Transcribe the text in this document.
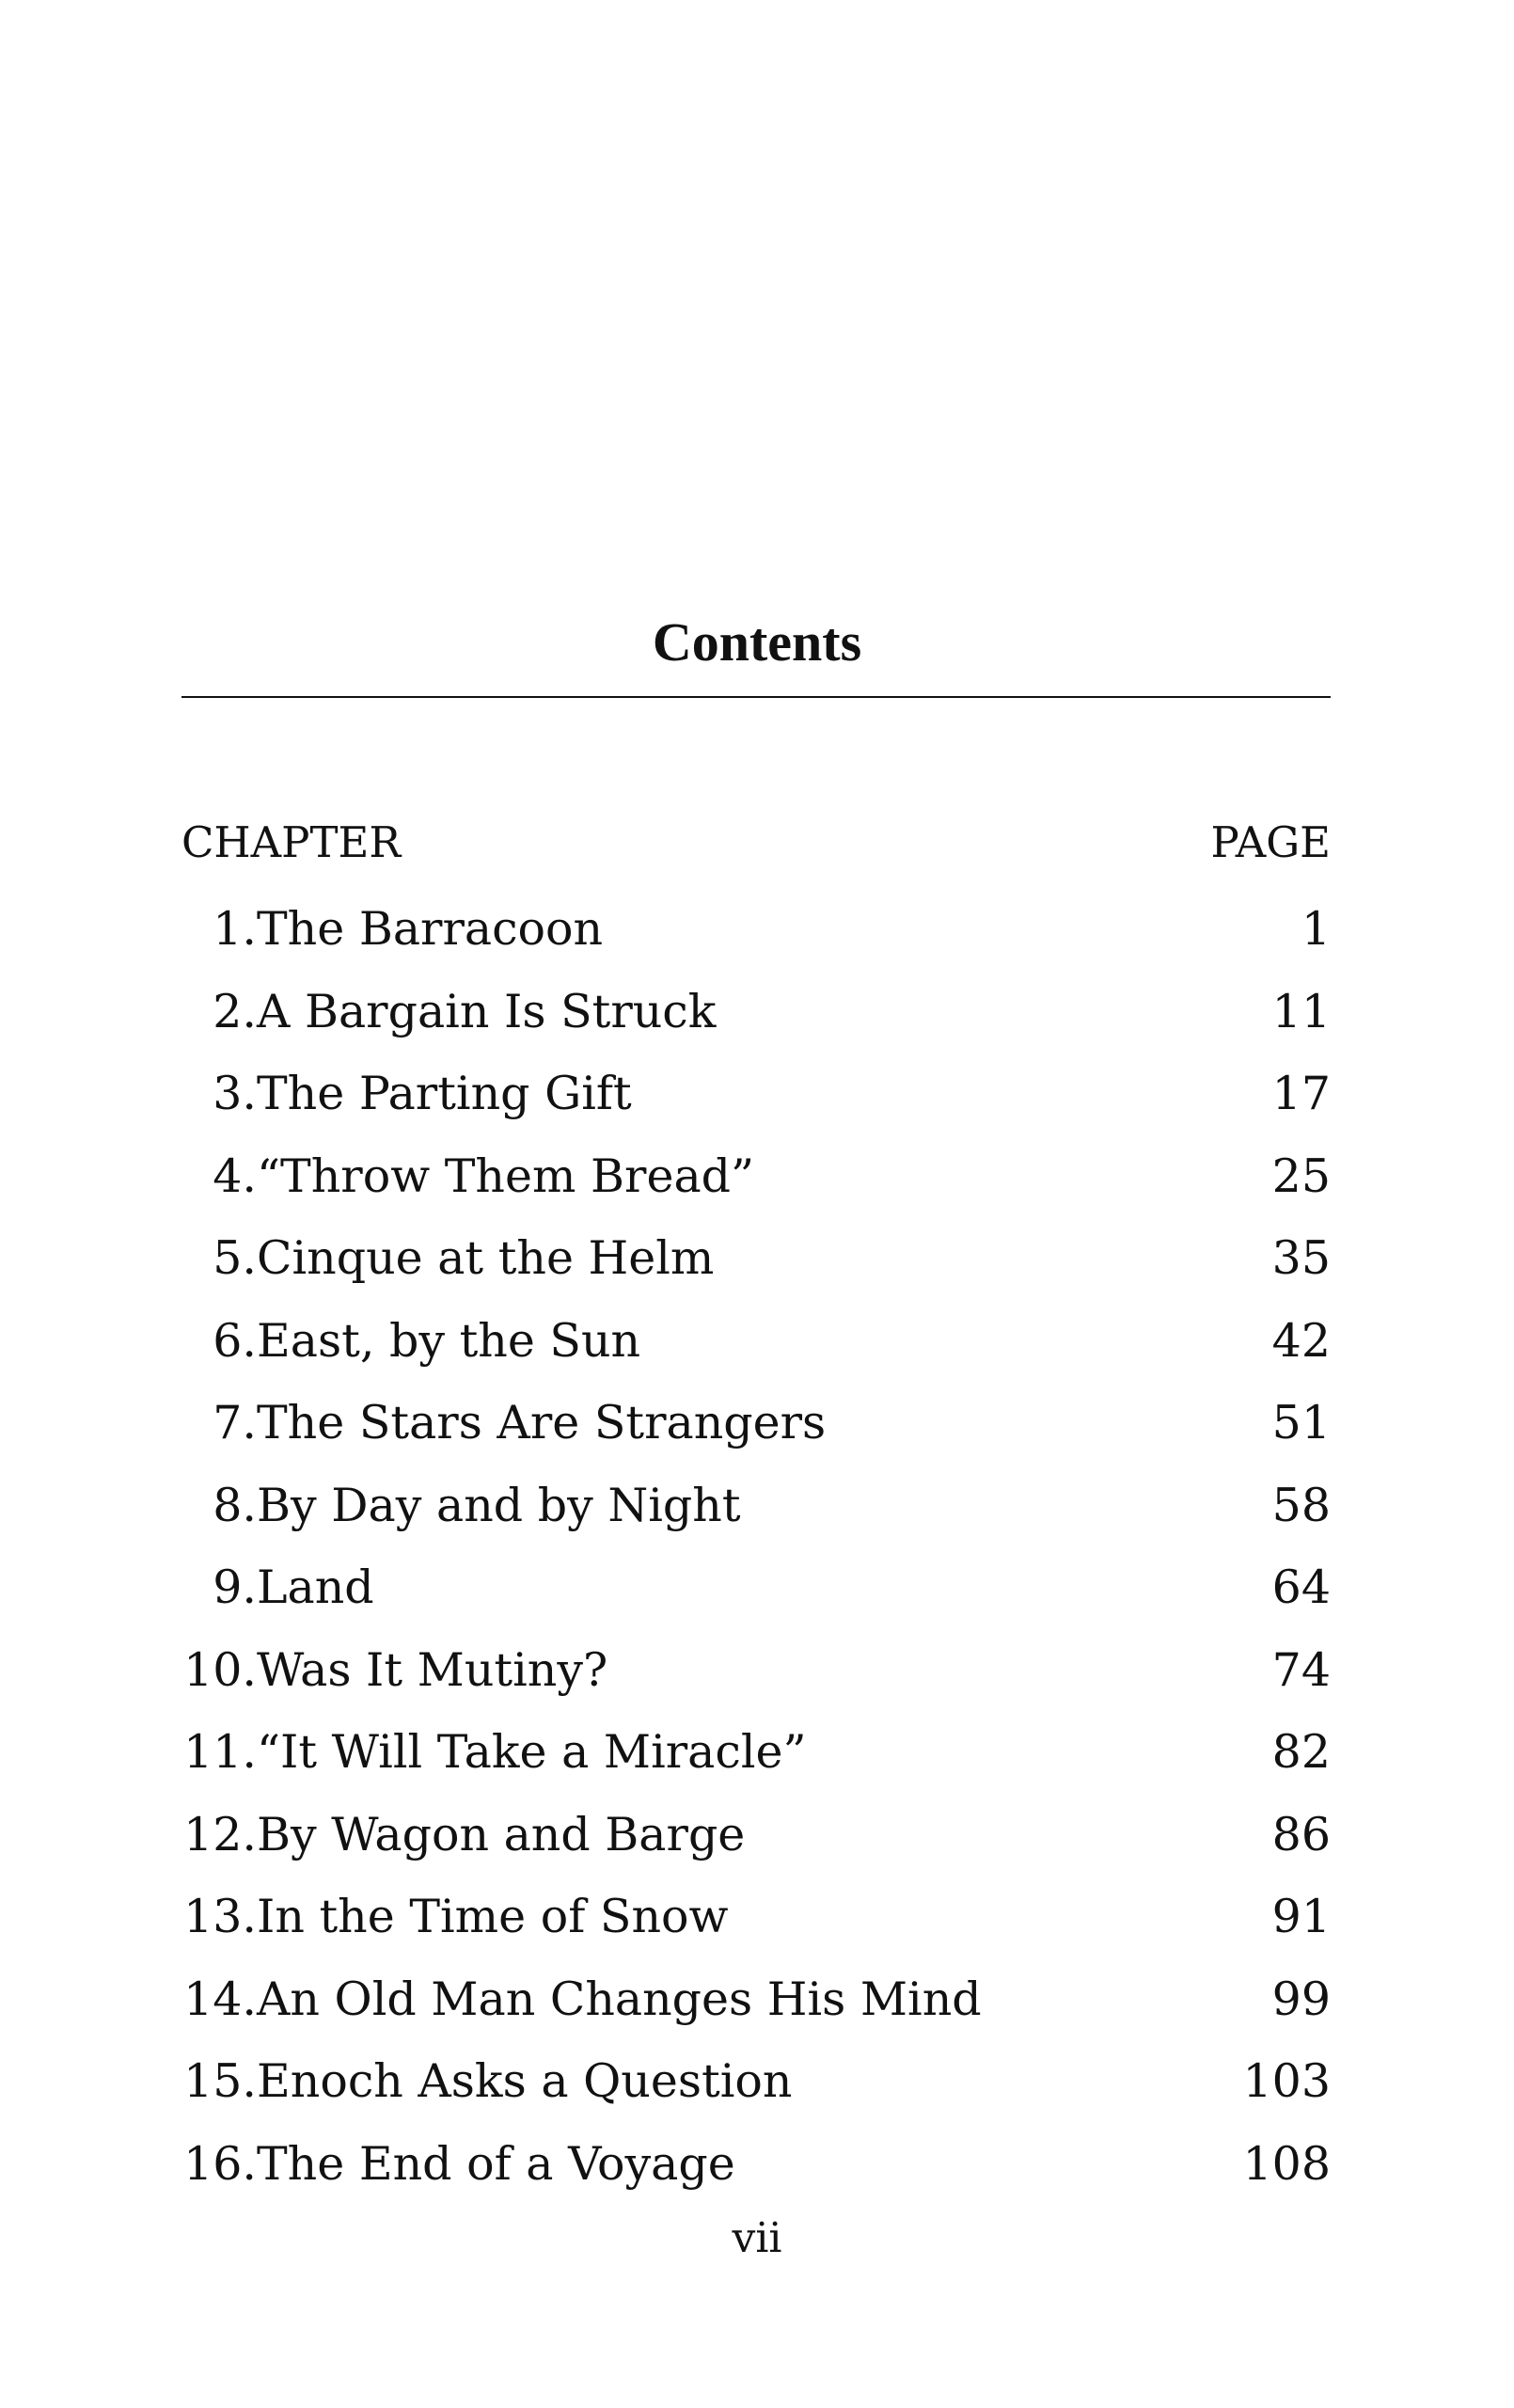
Contents
CHAPTER	PAGE
1. The Barracoon	1
2. A Bargain Is Struck	11
3. The Parting Gift	17
4. “Throw Them Bread”	25
5. Cinque at the Helm	35
6. East, by the Sun	42
7. The Stars Are Strangers	51
8. By Day and by Night	58
9. Land	64
10. Was It Mutiny?	74
11. “It Will Take a Miracle”	82
12. By Wagon and Barge	86
13. In the Time of Snow	91
14. An Old Man Changes His Mind	99
15. Enoch Asks a Question	103
16. The End of a Voyage	108
vii
